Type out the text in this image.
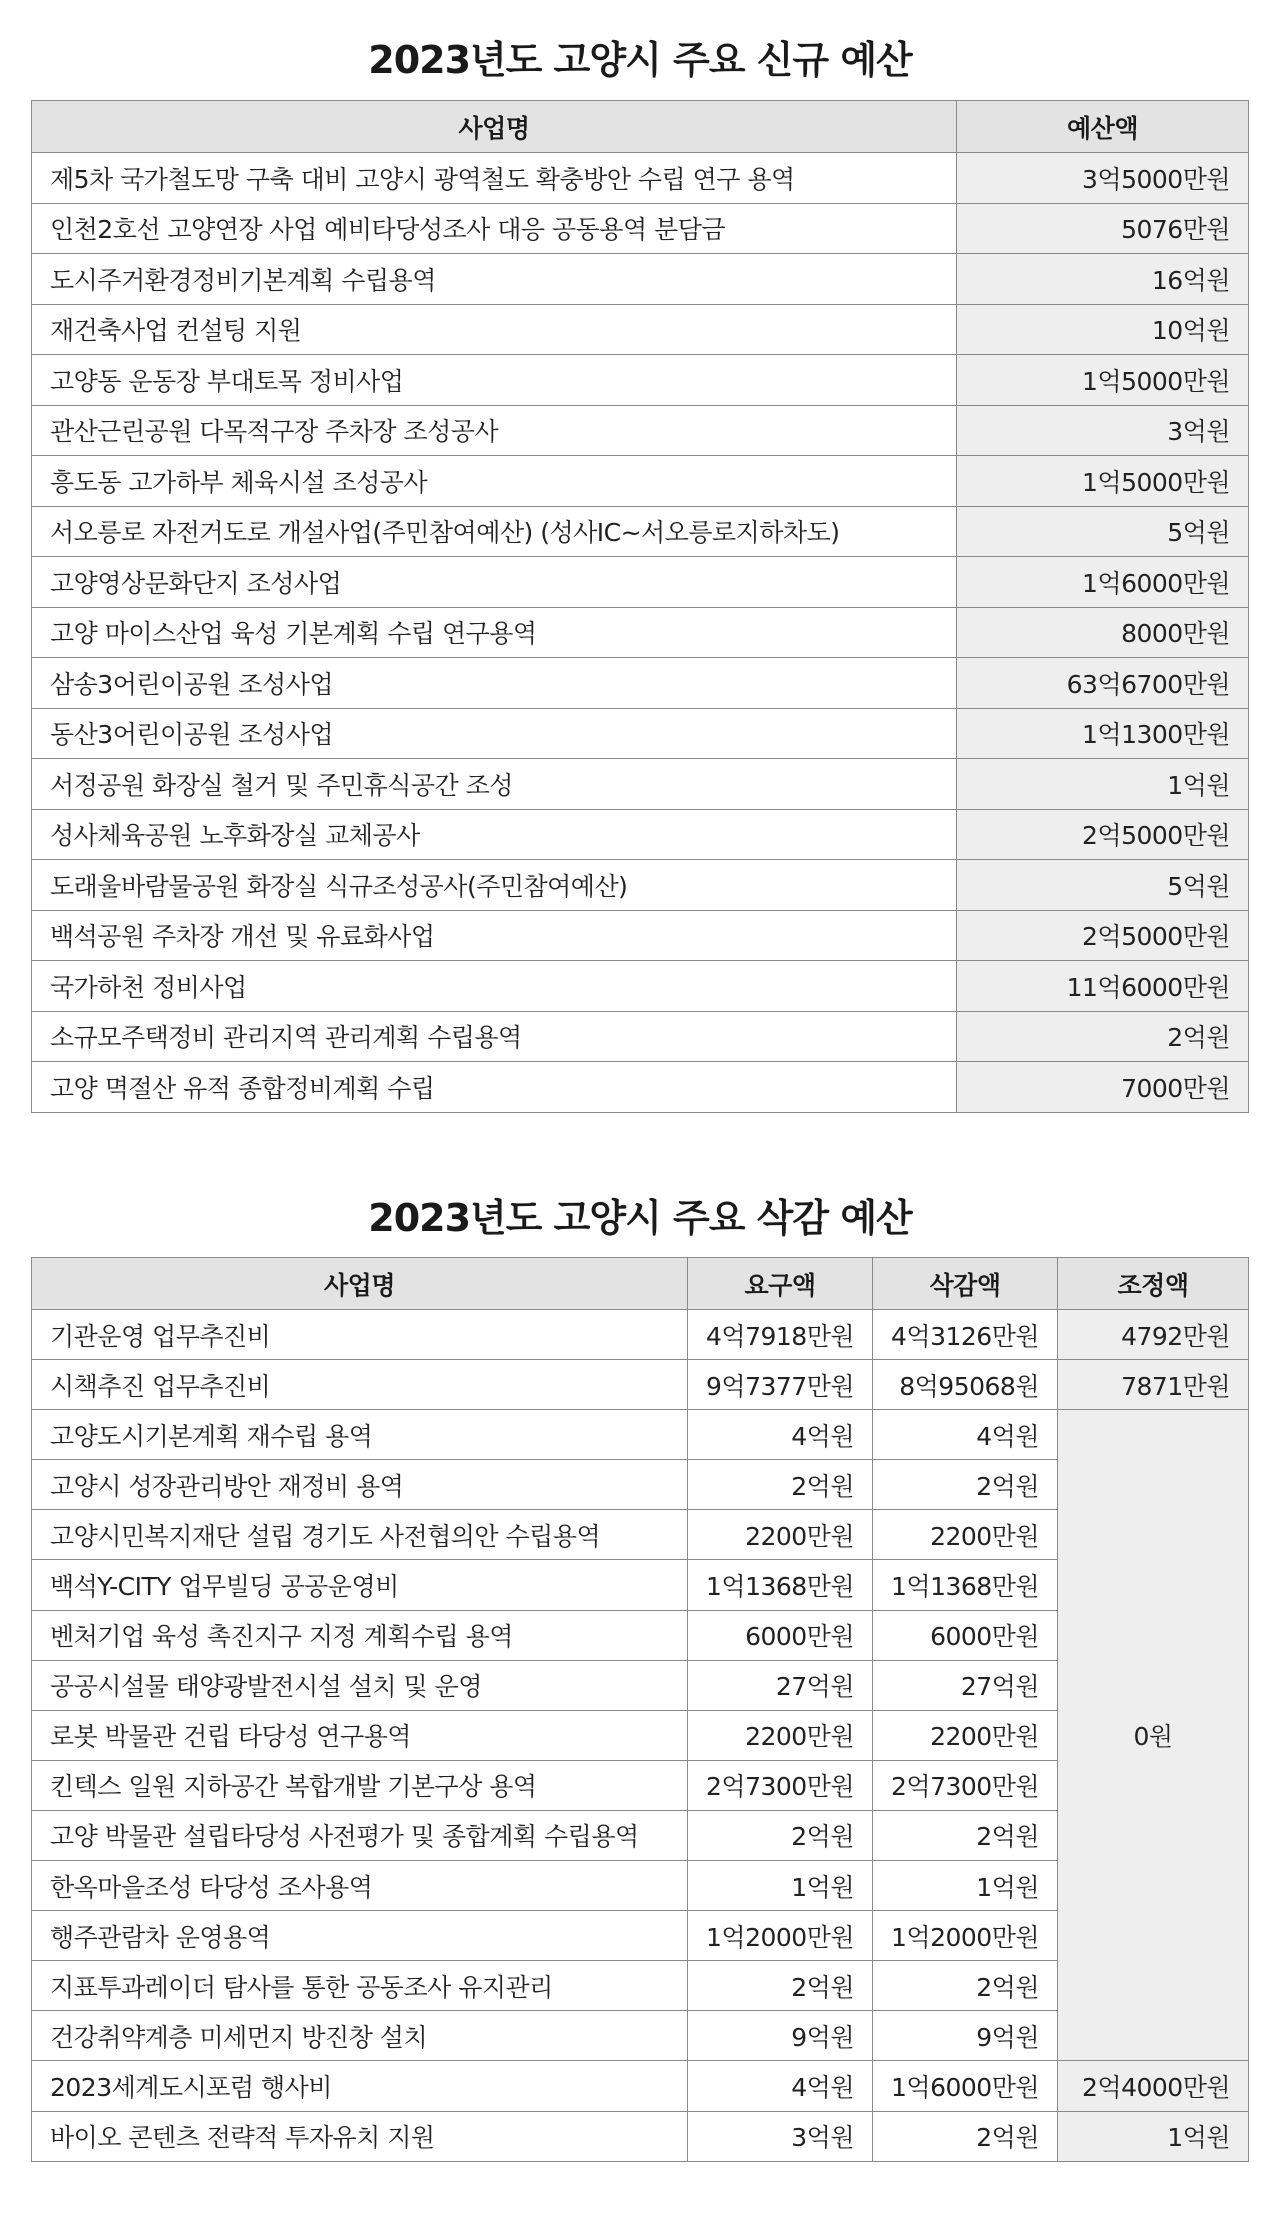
2023년도 고양시 주요 신규 예산
사업명	예산액
제5차 국가철도망 구축 대비 고양시 광역철도 확충방안 수립 연구 용역	3억5000만원
인천2호선 고양연장 사업 예비타당성조사 대응 공동용역 분담금	5076만원
도시주거환경정비기본계획 수립용역	16억원
재건축사업 컨설팅 지원	10억원
고양동 운동장 부대토목 정비사업	1억5000만원
관산근린공원 다목적구장 주차장 조성공사	3억원
흥도동 고가하부 체육시설 조성공사	1억5000만원
서오릉로 자전거도로 개설사업(주민참여예산) (성사IC~서오릉로지하차도)	5억원
고양영상문화단지 조성사업	1억6000만원
고양 마이스산업 육성 기본계획 수립 연구용역	8000만원
삼송3어린이공원 조성사업	63억6700만원
동산3어린이공원 조성사업	1억1300만원
서정공원 화장실 철거 및 주민휴식공간 조성	1억원
성사체육공원 노후화장실 교체공사	2억5000만원
도래울바람물공원 화장실 식규조성공사(주민참여예산)	5억원
백석공원 주차장 개선 및 유료화사업	2억5000만원
국가하천 정비사업	11억6000만원
소규모주택정비 관리지역 관리계획 수립용역	2억원
고양 멱절산 유적 종합정비계획 수립	7000만원
2023년도 고양시 주요 삭감 예산
사업명	요구액	삭감액	조정액
기관운영 업무추진비	4억7918만원	4억3126만원	4792만원
시책추진 업무추진비	9억7377만원	8억95068원	7871만원
고양도시기본계획 재수립 용역	4억원	4억원	0원
고양시 성장관리방안 재정비 용역	2억원	2억원	
고양시민복지재단 설립 경기도 사전협의안 수립용역	2200만원	2200만원	
백석Y-CITY 업무빌딩 공공운영비	1억1368만원	1억1368만원	
벤처기업 육성 촉진지구 지정 계획수립 용역	6000만원	6000만원	
공공시설물 태양광발전시설 설치 및 운영	27억원	27억원	
로봇 박물관 건립 타당성 연구용역	2200만원	2200만원	
킨텍스 일원 지하공간 복합개발 기본구상 용역	2억7300만원	2억7300만원	
고양 박물관 설립타당성 사전평가 및 종합계획 수립용역	2억원	2억원	
한옥마을조성 타당성 조사용역	1억원	1억원	
행주관람차 운영용역	1억2000만원	1억2000만원	
지표투과레이더 탐사를 통한 공동조사 유지관리	2억원	2억원	
건강취약계층 미세먼지 방진창 설치	9억원	9억원	
2023세계도시포럼 행사비	4억원	1억6000만원	2억4000만원
바이오 콘텐츠 전략적 투자유치 지원	3억원	2억원	1억원
